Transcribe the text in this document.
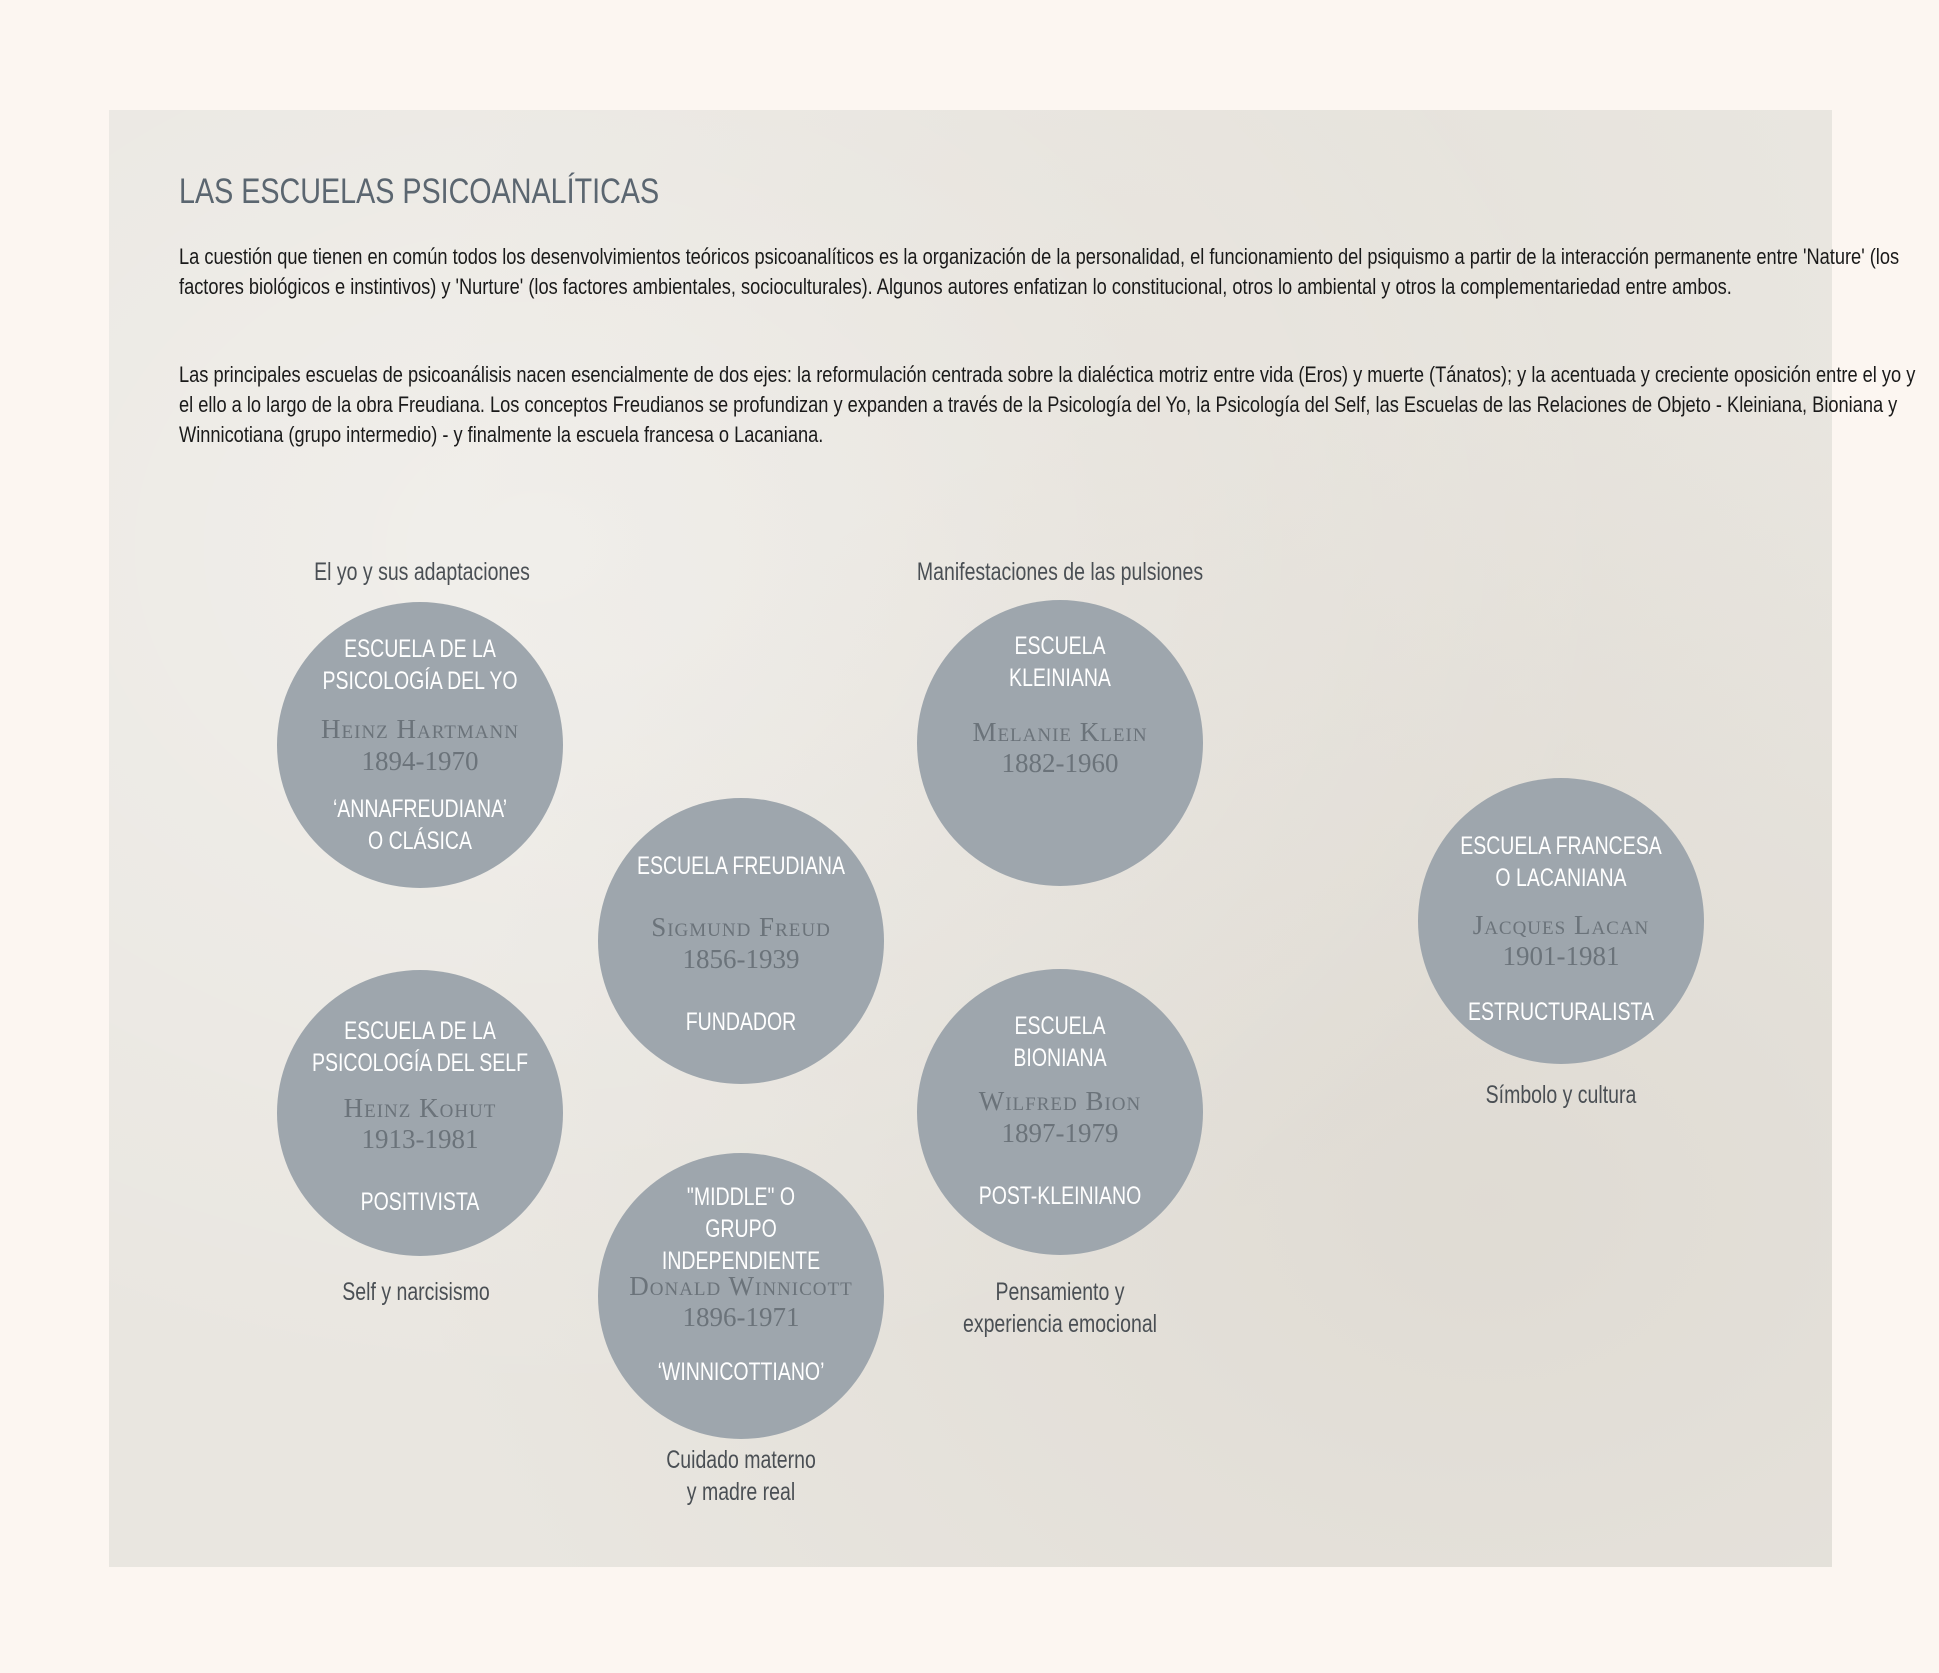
LAS ESCUELAS PSICOANALÍTICAS

La cuestión que tienen en común todos los desenvolvimientos teóricos psicoanalíticos es la organización de la personalidad, el funcionamiento del psiquismo a partir de la interacción permanente entre 'Nature' (los factores biológicos e instintivos) y 'Nurture' (los factores ambientales, socioculturales). Algunos autores enfatizan lo constitucional, otros lo ambiental y otros la complementariedad entre ambos.

Las principales escuelas de psicoanálisis nacen esencialmente de dos ejes: la reformulación centrada sobre la dialéctica motriz entre vida (Eros) y muerte (Tánatos); y la acentuada y creciente oposición entre el yo y el ello a lo largo de la obra Freudiana. Los conceptos Freudianos se profundizan y expanden a través de la Psicología del Yo, la Psicología del Self, las Escuelas de las Relaciones de Objeto - Kleiniana, Bioniana y Winnicotiana (grupo intermedio) - y finalmente la escuela francesa o Lacaniana.

El yo y sus adaptaciones	Manifestaciones de las pulsiones
ESCUELA DE LA
PSICOLOGÍA DEL YO
Heinz Hartmann
1894-1970
‘ANNAFREUDIANA’
O CLÁSICA
ESCUELA DE LA
PSICOLOGÍA DEL SELF
Heinz Kohut
1913-1981
POSITIVISTA
Self y narcisismo
ESCUELA FREUDIANA
Sigmund Freud
1856-1939
FUNDADOR
"MIDDLE" O
GRUPO INDEPENDIENTE
Donald Winnicott
1896-1971
‘WINNICOTTIANO’
Cuidado materno
y madre real
ESCUELA
KLEINIANA
Melanie Klein
1882-1960
ESCUELA
BIONIANA
Wilfred Bion
1897-1979
POST-KLEINIANO
Pensamiento y
experiencia emocional
ESCUELA FRANCESA
O LACANIANA
Jacques Lacan
1901-1981
ESTRUCTURALISTA
Símbolo y cultura
